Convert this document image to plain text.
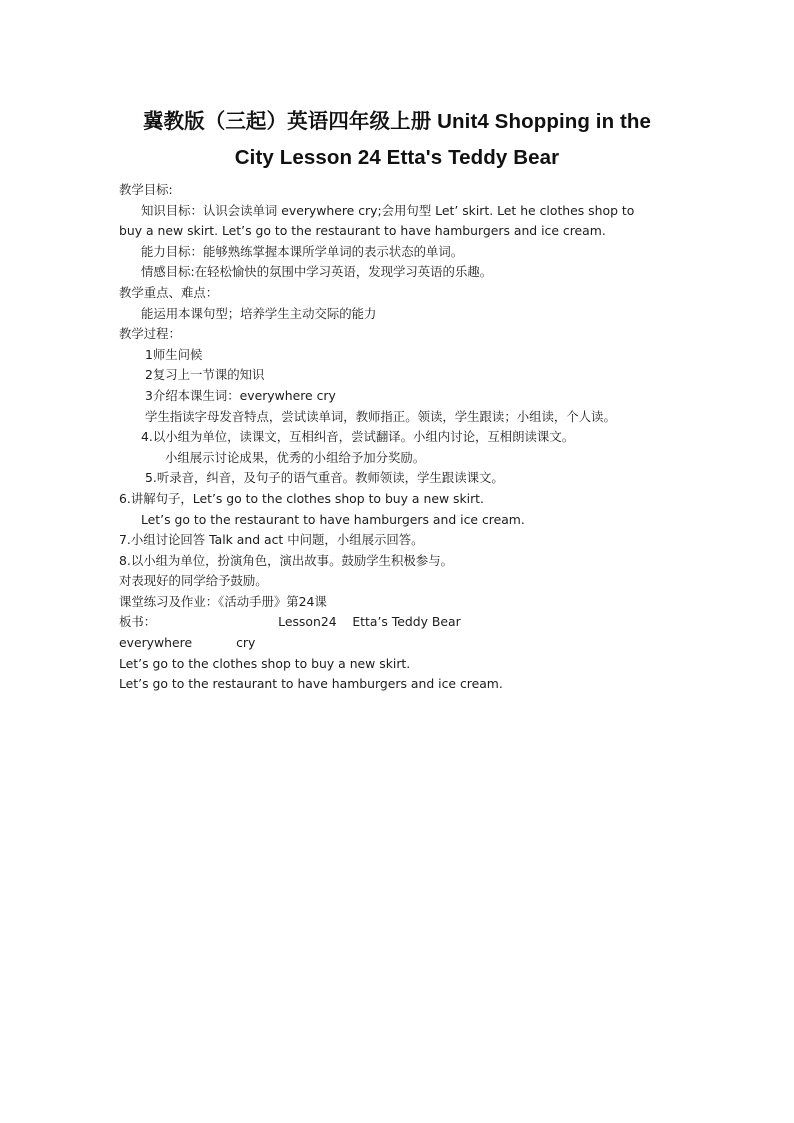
冀教版（三起）英语四年级上册 Unit4 Shopping in the
City Lesson 24 Etta's Teddy Bear
教学目标:
知识目标：认识会读单词 everywhere cry;会用句型 Let’ skirt. Let he clothes shop to
buy a new skirt. Let’s go to the restaurant to have hamburgers and ice cream.
能力目标：能够熟练掌握本课所学单词的表示状态的单词。
情感目标:在轻松愉快的氛围中学习英语，发现学习英语的乐趣。
教学重点、难点：
能运用本课句型；培养学生主动交际的能力
教学过程：
1师生问候
2复习上一节课的知识
3介绍本课生词：everywhere cry
学生指读字母发音特点，尝试读单词，教师指正。领读，学生跟读；小组读，个人读。
4.以小组为单位，读课文，互相纠音，尝试翻译。小组内讨论，互相朗读课文。
小组展示讨论成果，优秀的小组给予加分奖励。
5.听录音，纠音，及句子的语气重音。教师领读，学生跟读课文。
6.讲解句子，Let’s go to the clothes shop to buy a new skirt.
Let’s go to the restaurant to have hamburgers and ice cream.
7.小组讨论回答 Talk and act 中问题，小组展示回答。
8.以小组为单位，扮演角色，演出故事。鼓励学生积极参与。
对表现好的同学给予鼓励。
课堂练习及作业：《活动手册》第24课
板书：	Lesson24    Etta’s Teddy Bear
everywhere	cry
Let’s go to the clothes shop to buy a new skirt.
Let’s go to the restaurant to have hamburgers and ice cream.
